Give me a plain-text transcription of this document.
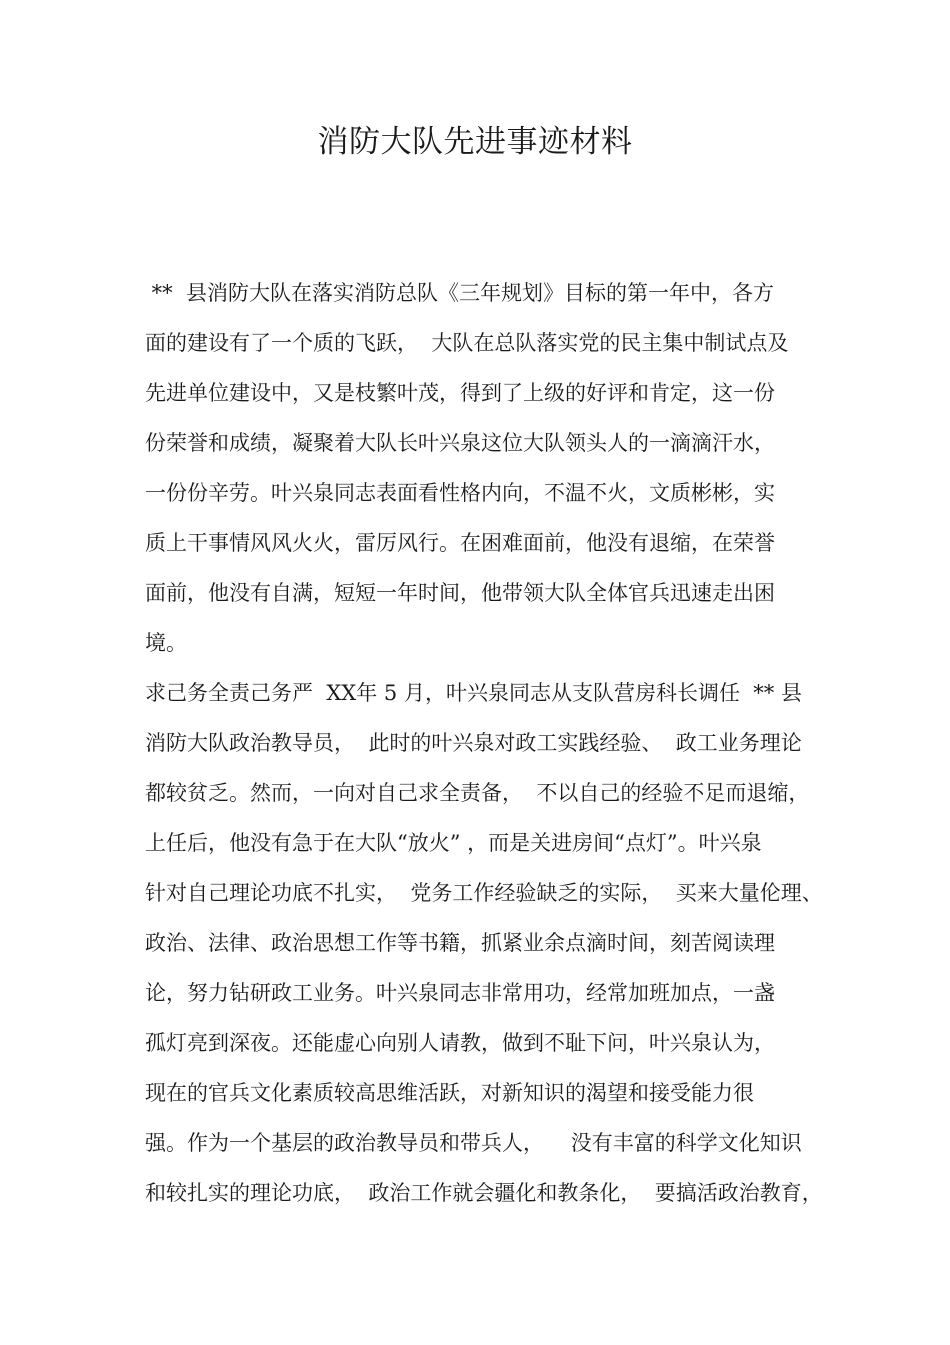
消防大队先进事迹材料
**  县消防大队在落实消防总队《三年规划》目标的第一年中，各方
面的建设有了一个质的飞跃，  大队在总队落实党的民主集中制试点及
先进单位建设中，又是枝繁叶茂，得到了上级的好评和肯定，这一份
份荣誉和成绩，凝聚着大队长叶兴泉这位大队领头人的一滴滴汗水，
一份份辛劳。叶兴泉同志表面看性格内向，不温不火，文质彬彬，实
质上干事情风风火火，雷厉风行。在困难面前，他没有退缩，在荣誉
面前，他没有自满，短短一年时间，他带领大队全体官兵迅速走出困
境。
求己务全责己务严  XX年 5 月，叶兴泉同志从支队营房科长调任  ** 县
消防大队政治教导员，  此时的叶兴泉对政工实践经验、  政工业务理论
都较贫乏。然而，一向对自己求全责备，  不以自己的经验不足而退缩，
上任后，他没有急于在大队“放火” ，而是关进房间“点灯”。叶兴泉
针对自己理论功底不扎实，  党务工作经验缺乏的实际，  买来大量伦理、
政治、法律、政治思想工作等书籍，抓紧业余点滴时间，刻苦阅读理
论，努力钻研政工业务。叶兴泉同志非常用功，经常加班加点，一盏
孤灯亮到深夜。还能虚心向别人请教，做到不耻下问，叶兴泉认为，
现在的官兵文化素质较高思维活跃，对新知识的渴望和接受能力很
强。作为一个基层的政治教导员和带兵人，    没有丰富的科学文化知识
和较扎实的理论功底，  政治工作就会疆化和教条化，  要搞活政治教育，
